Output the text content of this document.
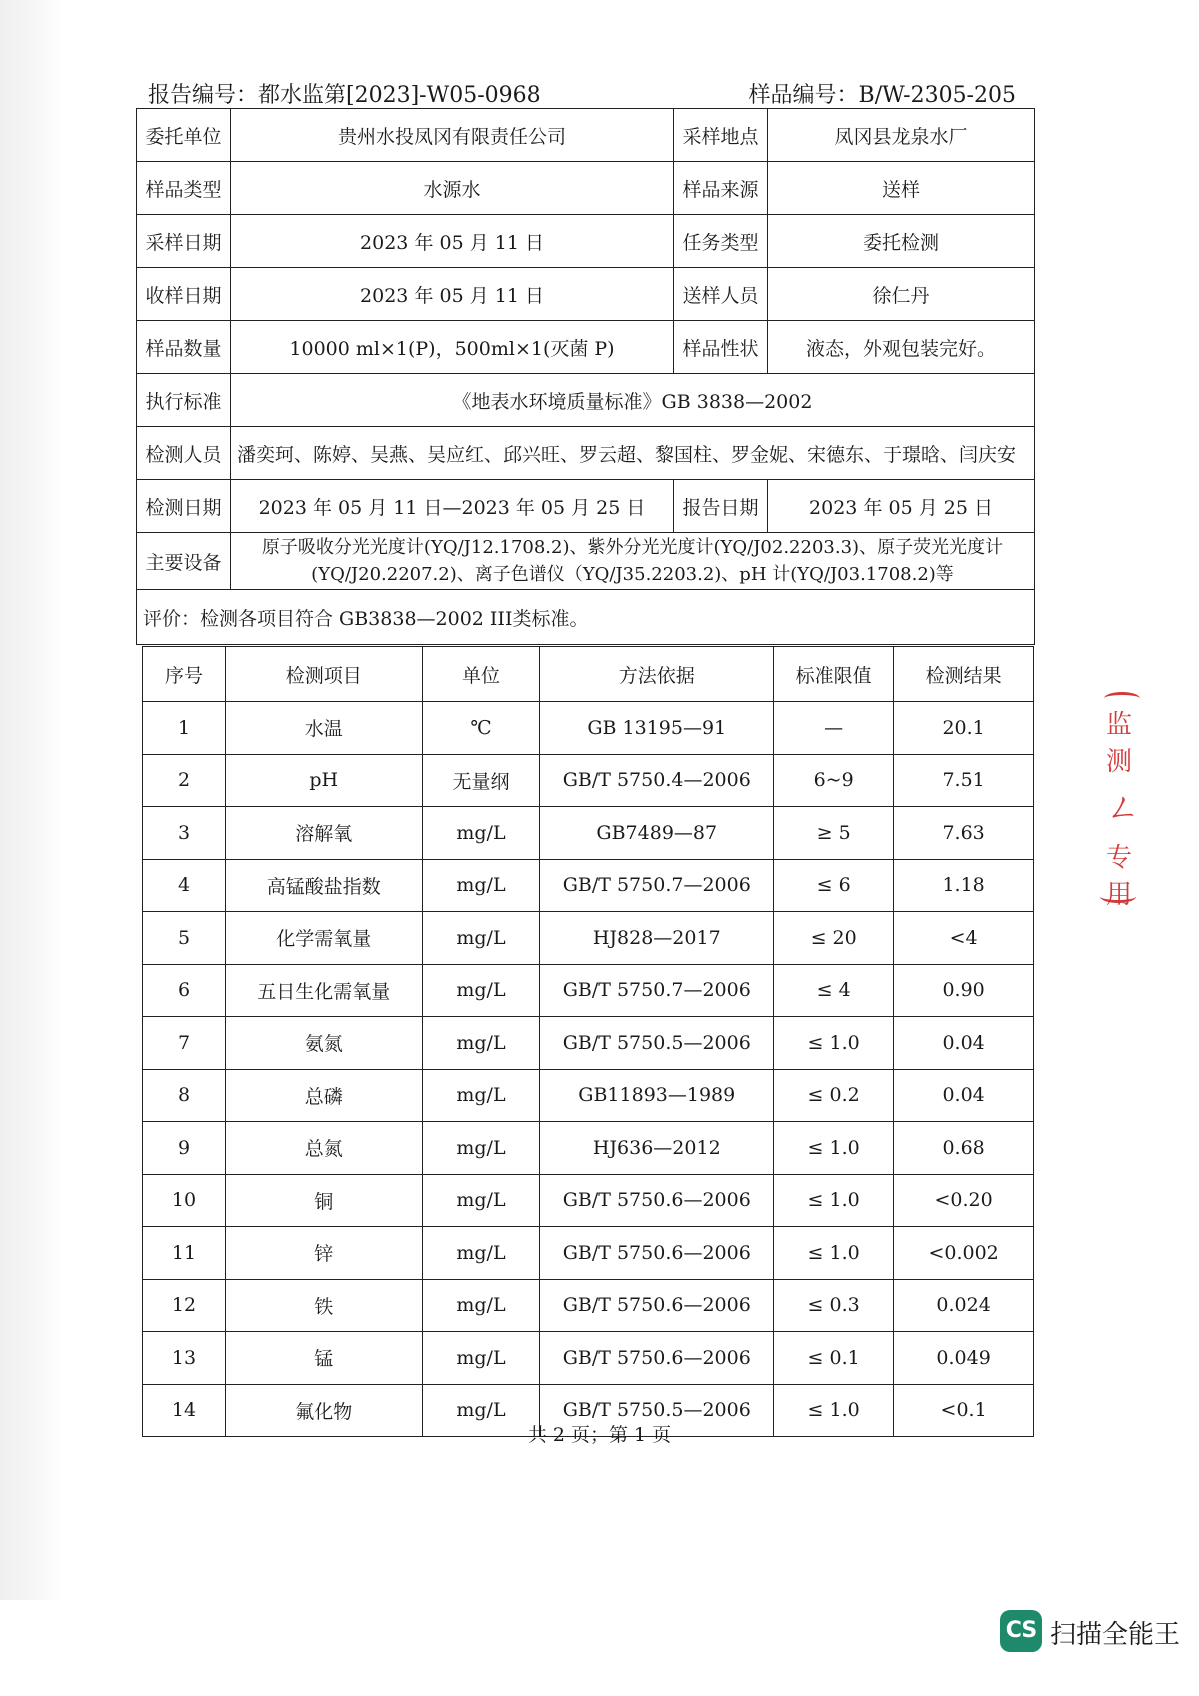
报告编号：都水监第[2023]-W05-0968	样品编号：B/W-2305-205
委托单位	贵州水投凤冈有限责任公司	采样地点	凤冈县龙泉水厂
样品类型	水源水	样品来源	送样
采样日期	2023 年 05 月 11 日	任务类型	委托检测
收样日期	2023 年 05 月 11 日	送样人员	徐仁丹
样品数量	10000 ml×1(P)，500ml×1(灭菌 P)	样品性状	液态，外观包装完好。
执行标准	《地表水环境质量标准》GB 3838—2002		
检测人员	潘奕珂、陈婷、吴燕、吴应红、邱兴旺、罗云超、黎国柱、罗金妮、宋德东、于璟晗、闫庆安		
检测日期	2023 年 05 月 11 日—2023 年 05 月 25 日	报告日期	2023 年 05 月 25 日
主要设备	原子吸收分光光度计(YQ/J12.1708.2)、紫外分光光度计(YQ/J02.2203.3)、原子荧光光度计
(YQ/J20.2207.2)、离子色谱仪（YQ/J35.2203.2)、pH 计(YQ/J03.1708.2)等		

评价：检测各项目符合 GB3838—2002 III类标准。			
序号	检测项目	单位	方法依据	标准限值	检测结果
1	水温	℃	GB 13195—91	—	20.1
2	pH	无量纲	GB/T 5750.4—2006	6~9	7.51
3	溶解氧	mg/L	GB7489—87	≥ 5	7.63
4	高锰酸盐指数	mg/L	GB/T 5750.7—2006	≤ 6	1.18
5	化学需氧量	mg/L	HJ828—2017	≤ 20	<4
6	五日生化需氧量	mg/L	GB/T 5750.7—2006	≤ 4	0.90
7	氨氮	mg/L	GB/T 5750.5—2006	≤ 1.0	0.04
8	总磷	mg/L	GB11893—1989	≤ 0.2	0.04
9	总氮	mg/L	HJ636—2012	≤ 1.0	0.68
10	铜	mg/L	GB/T 5750.6—2006	≤ 1.0	<0.20
11	锌	mg/L	GB/T 5750.6—2006	≤ 1.0	<0.002
12	铁	mg/L	GB/T 5750.6—2006	≤ 0.3	0.024
13	锰	mg/L	GB/T 5750.6—2006	≤ 0.1	0.049
14	氟化物	mg/L	GB/T 5750.5—2006	≤ 1.0	<0.1
共 2 页；第 1 页
监测
ㄥ
专用
CS 扫描全能王
